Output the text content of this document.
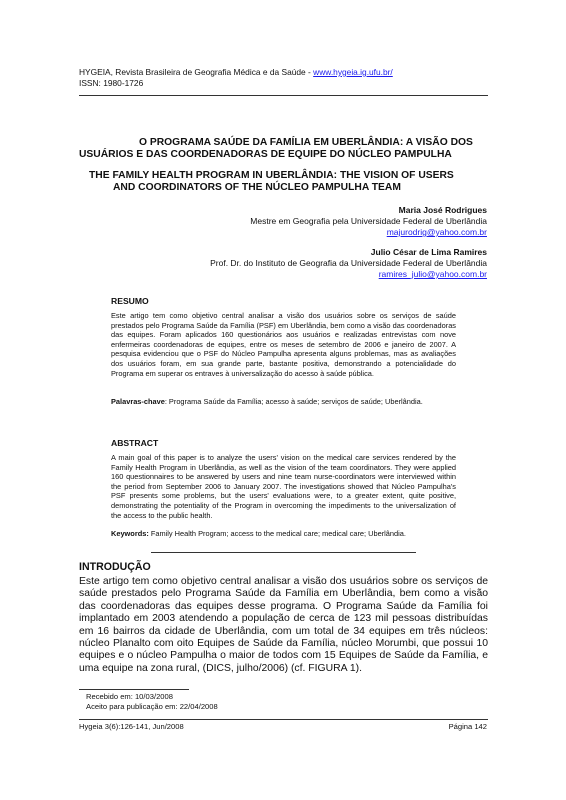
HYGEIA, Revista Brasileira de Geografia Médica e da Saúde - www.hygeia.ig.ufu.br/
ISSN: 1980-1726
O PROGRAMA SAÚDE DA FAMÍLIA EM UBERLÂNDIA: A VISÃO DOS
USUÁRIOS E DAS COORDENADORAS DE EQUIPE DO NÚCLEO PAMPULHA
THE FAMILY HEALTH PROGRAM IN UBERLÂNDIA: THE VISION OF USERS
AND COORDINATORS OF THE NÚCLEO PAMPULHA TEAM
Maria José Rodrigues
Mestre em Geografia pela Universidade Federal de Uberlândia
majurodrig@yahoo.com.br
Julio César de Lima Ramires
Prof. Dr. do Instituto de Geografia da Universidade Federal de Uberlândia
ramires_julio@yahoo.com.br
RESUMO
Este artigo tem como objetivo central analisar a visão dos usuários sobre os serviços de saúde prestados pelo Programa Saúde da Família (PSF) em Uberlândia, bem como a visão das coordenadoras das equipes. Foram aplicados 160 questionários aos usuários e realizadas entrevistas com nove enfermeiras coordenadoras de equipes, entre os meses de setembro de 2006 e janeiro de 2007. A pesquisa evidenciou que o PSF do Núcleo Pampulha apresenta alguns problemas, mas as avaliações dos usuários foram, em sua grande parte, bastante positiva, demonstrando a potencialidade do Programa em superar os entraves à universalização do acesso à saúde pública.
Palavras-chave: Programa Saúde da Família; acesso à saúde; serviços de saúde; Uberlândia.
ABSTRACT
A main goal of this paper is to analyze the users' vision on the medical care services rendered by the Family Health Program in Uberlândia, as well as the vision of the team coordinators. They were applied 160 questionnaires to be answered by users and nine team nurse-coordinators were interviewed within the period from September 2006 to January 2007. The investigations showed that Núcleo Pampulha's PSF presents some problems, but the users' evaluations were, to a greater extent, quite positive, demonstrating the potentiality of the Program in overcoming the impediments to the universalization of the access to the public health.
Keywords: Family Health Program; access to the medical care; medical care; Uberlândia.
INTRODUÇÃO
Este artigo tem como objetivo central analisar a visão dos usuários sobre os serviços de saúde prestados pelo Programa Saúde da Família em Uberlândia, bem como a visão das coordenadoras das equipes desse programa. O Programa Saúde da Família foi implantado em 2003 atendendo a população de cerca de 123 mil pessoas distribuídas em 16 bairros da cidade de Uberlândia, com um total de 34 equipes em três núcleos: núcleo Planalto com oito Equipes de Saúde da Família, núcleo Morumbi, que possui 10 equipes e o núcleo Pampulha o maior de todos com 15 Equipes de Saúde da Família, e uma equipe na zona rural, (DICS, julho/2006) (cf. FIGURA 1).
Recebido em: 10/03/2008
Aceito para publicação em: 22/04/2008
Hygeia 3(6):126-141, Jun/2008	Página 142
